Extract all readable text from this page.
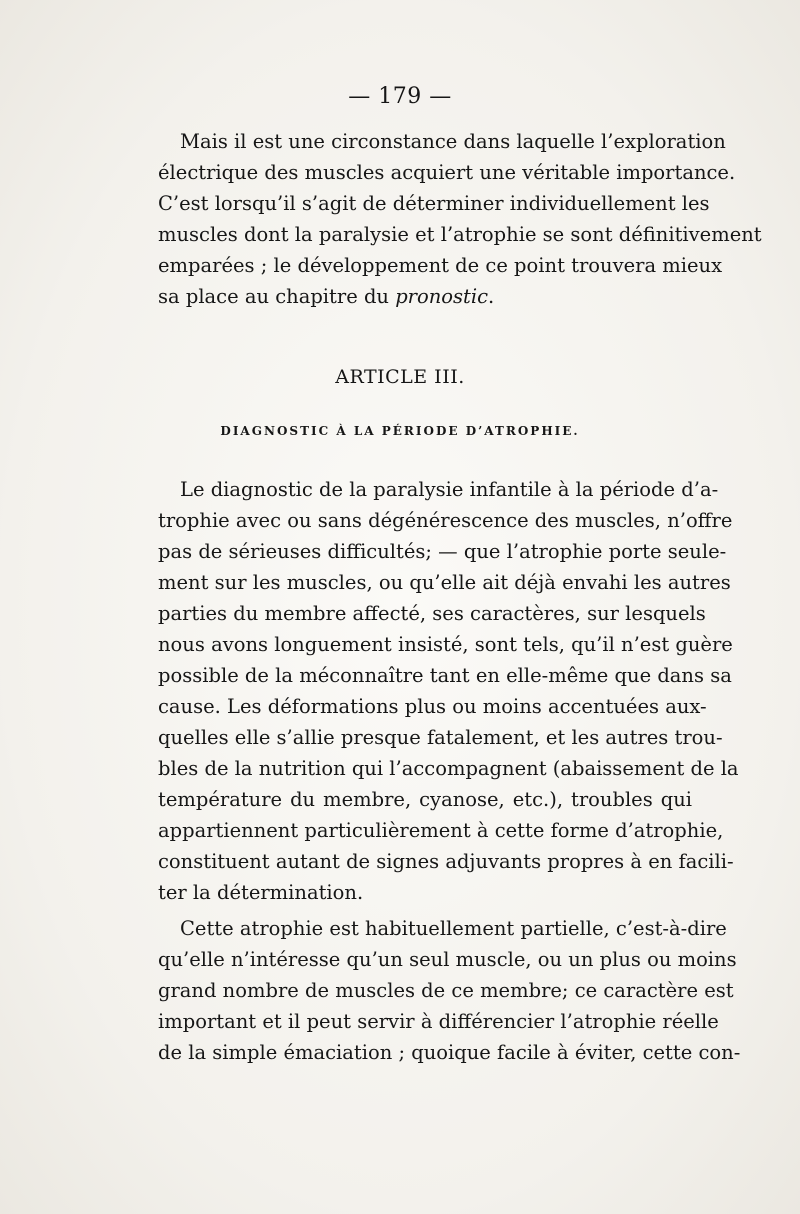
— 179 —
Mais il est une circonstance dans laquelle l’exploration
électrique des muscles acquiert une véritable importance.
C’est lorsqu’il s’agit de déterminer individuellement les
muscles dont la paralysie et l’atrophie se sont définitivement
emparées ; le développement de ce point trouvera mieux
sa place au chapitre du pronostic.
ARTICLE III.
DIAGNOSTIC À LA PÉRIODE D’ATROPHIE.
Le diagnostic de la paralysie infantile à la période d’a-
trophie avec ou sans dégénérescence des muscles, n’offre
pas de sérieuses difficultés; — que l’atrophie porte seule-
ment sur les muscles, ou qu’elle ait déjà envahi les autres
parties du membre affecté, ses caractères, sur lesquels
nous avons longuement insisté, sont tels, qu’il n’est guère
possible de la méconnaître tant en elle-même que dans sa
cause. Les déformations plus ou moins accentuées aux-
quelles elle s’allie presque fatalement, et les autres trou-
bles de la nutrition qui l’accompagnent (abaissement de la
température du membre, cyanose, etc.), troubles qui
appartiennent particulièrement à cette forme d’atrophie,
constituent autant de signes adjuvants propres à en facili-
ter la détermination.
Cette atrophie est habituellement partielle, c’est-à-dire
qu’elle n’intéresse qu’un seul muscle, ou un plus ou moins
grand nombre de muscles de ce membre; ce caractère est
important et il peut servir à différencier l’atrophie réelle
de la simple émaciation ; quoique facile à éviter, cette con-
